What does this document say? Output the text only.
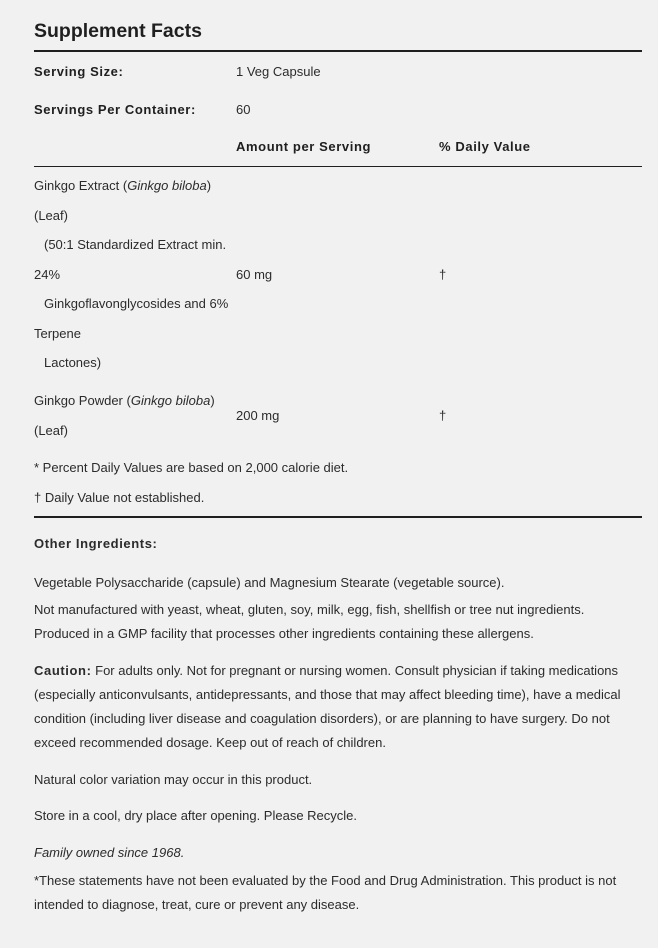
Supplement Facts
Serving Size:	1 Veg Capsule
Servings Per Container:	60
Amount per Serving	% Daily Value
Ginkgo Extract (Ginkgo biloba)
(Leaf)
(50:1 Standardized Extract min.
24%
Ginkgoflavonglycosides and 6%
Terpene
Lactones)
60 mg	†
Ginkgo Powder (Ginkgo biloba)
(Leaf)
200 mg	†
* Percent Daily Values are based on 2,000 calorie diet.
† Daily Value not established.
Other Ingredients:
Vegetable Polysaccharide (capsule) and Magnesium Stearate (vegetable source).
Not manufactured with yeast, wheat, gluten, soy, milk, egg, fish, shellfish or tree nut ingredients. Produced in a GMP facility that processes other ingredients containing these allergens.
Caution: For adults only. Not for pregnant or nursing women. Consult physician if taking medications (especially anticonvulsants, antidepressants, and those that may affect bleeding time), have a medical condition (including liver disease and coagulation disorders), or are planning to have surgery. Do not exceed recommended dosage. Keep out of reach of children.
Natural color variation may occur in this product.
Store in a cool, dry place after opening. Please Recycle.
Family owned since 1968.
*These statements have not been evaluated by the Food and Drug Administration. This product is not intended to diagnose, treat, cure or prevent any disease.
